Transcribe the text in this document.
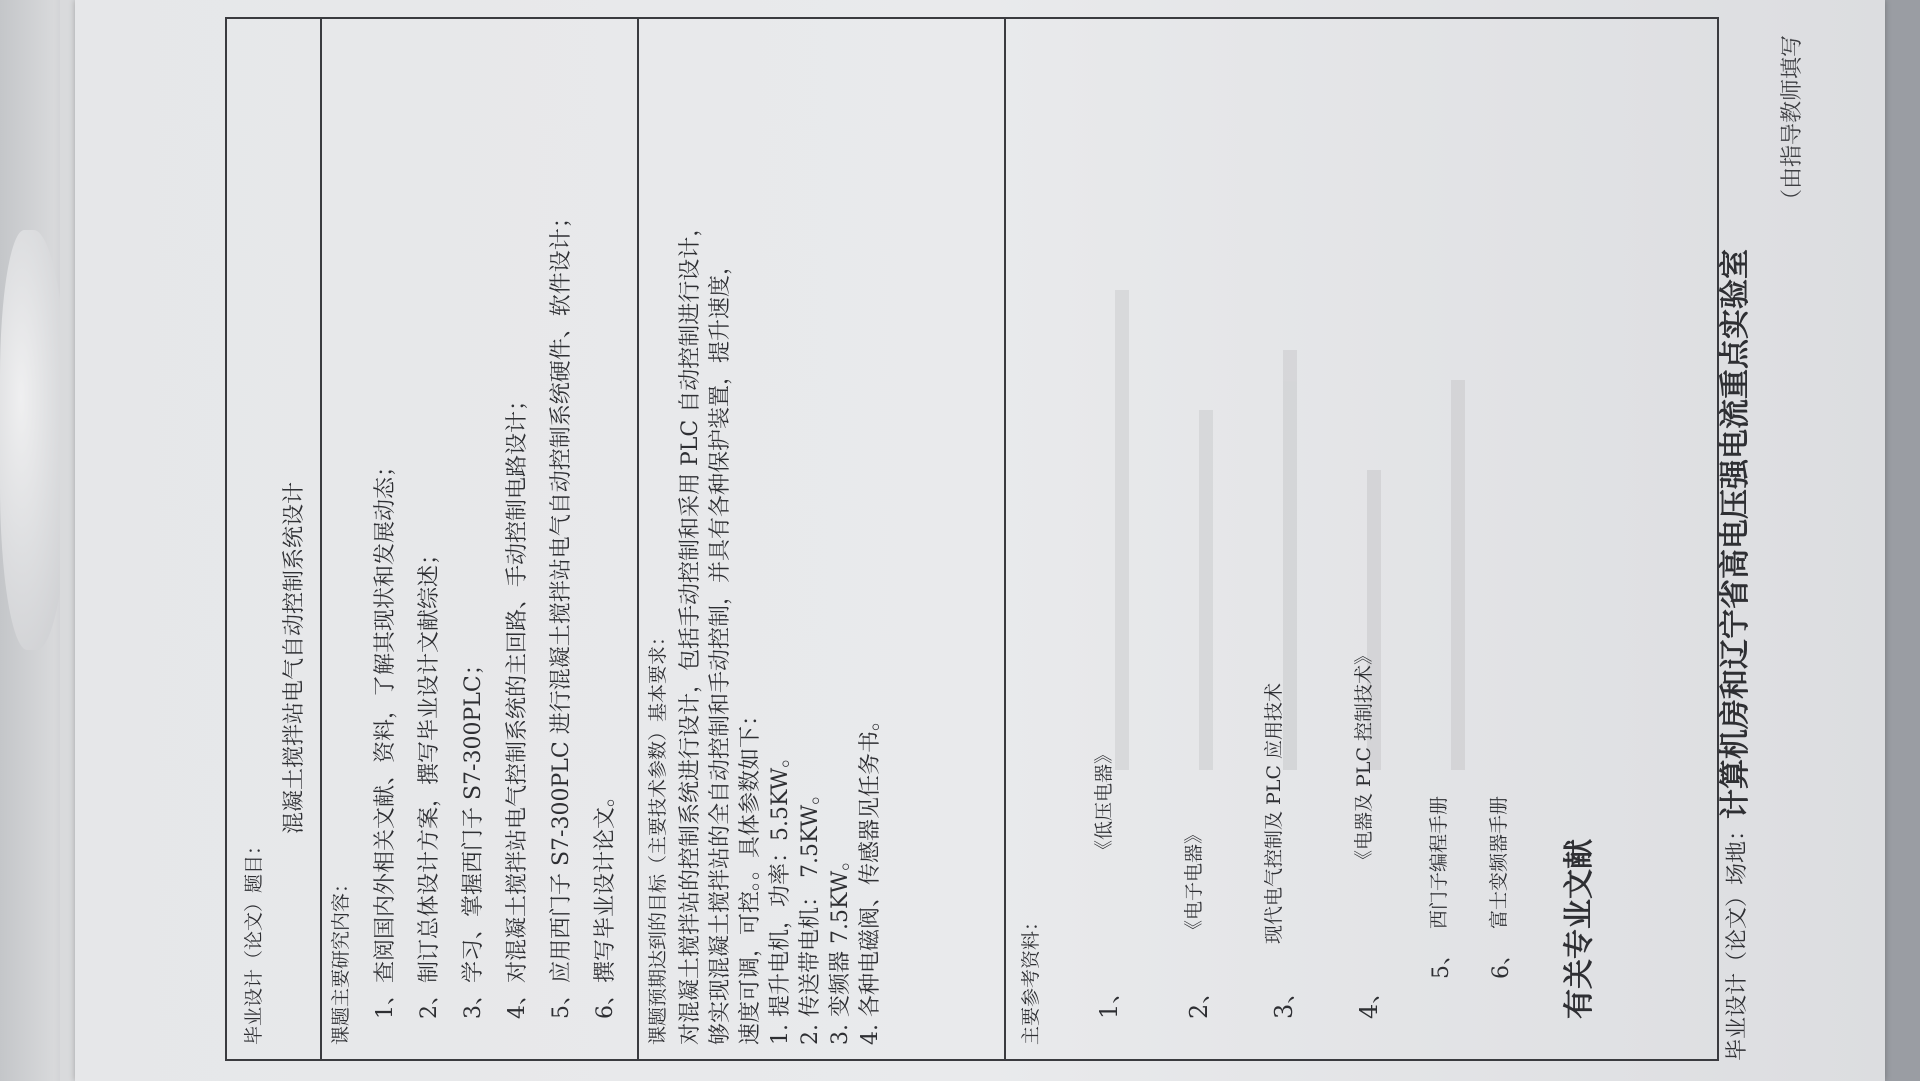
毕业设计（论文）题目：
混凝土搅拌站电气自动控制系统设计
课题主要研究内容： 1、查阅国内外相关文献、资料，了解其现状和发展动态； 2、制订总体设计方案，撰写毕业设计文献综述； 3、学习、掌握西门子 S7-300PLC； 4、对混凝土搅拌站电气控制系统的主回路、手动控制电路设计； 5、应用西门子 S7-300PLC 进行混凝土搅拌站电气自动控制系统硬件、软件设计； 6、撰写毕业设计论文。 课题预期达到的目标（主要技术参数）基本要求： 对混凝土搅拌站的控制系统进行设计，包括手动控制和采用 PLC 自动控制进行设计， 够实现混凝土搅拌站的全自动控制和手动控制，并具有各种保护装置，提升速度， 速度可调，可控。。具体参数如下： 1. 提升电机，功率：5.5KW。 2. 传送带电机： 7.5KW。 3. 变频器 7.5KW。 4. 各种电磁阀、传感器见任务书。	主要参考资料： 1、
《低压电器》
2、
《电子电器》
3、
现代电气控制及 PLC 应用技术
4、
《电器及 PLC 控制技术》
5、
西门子编程手册
6、
富士变频器手册 有关专业文献	毕业设计（论文）场地：
计算机房和辽宁省高电压强电流重点实验室
（由指导教师填写
